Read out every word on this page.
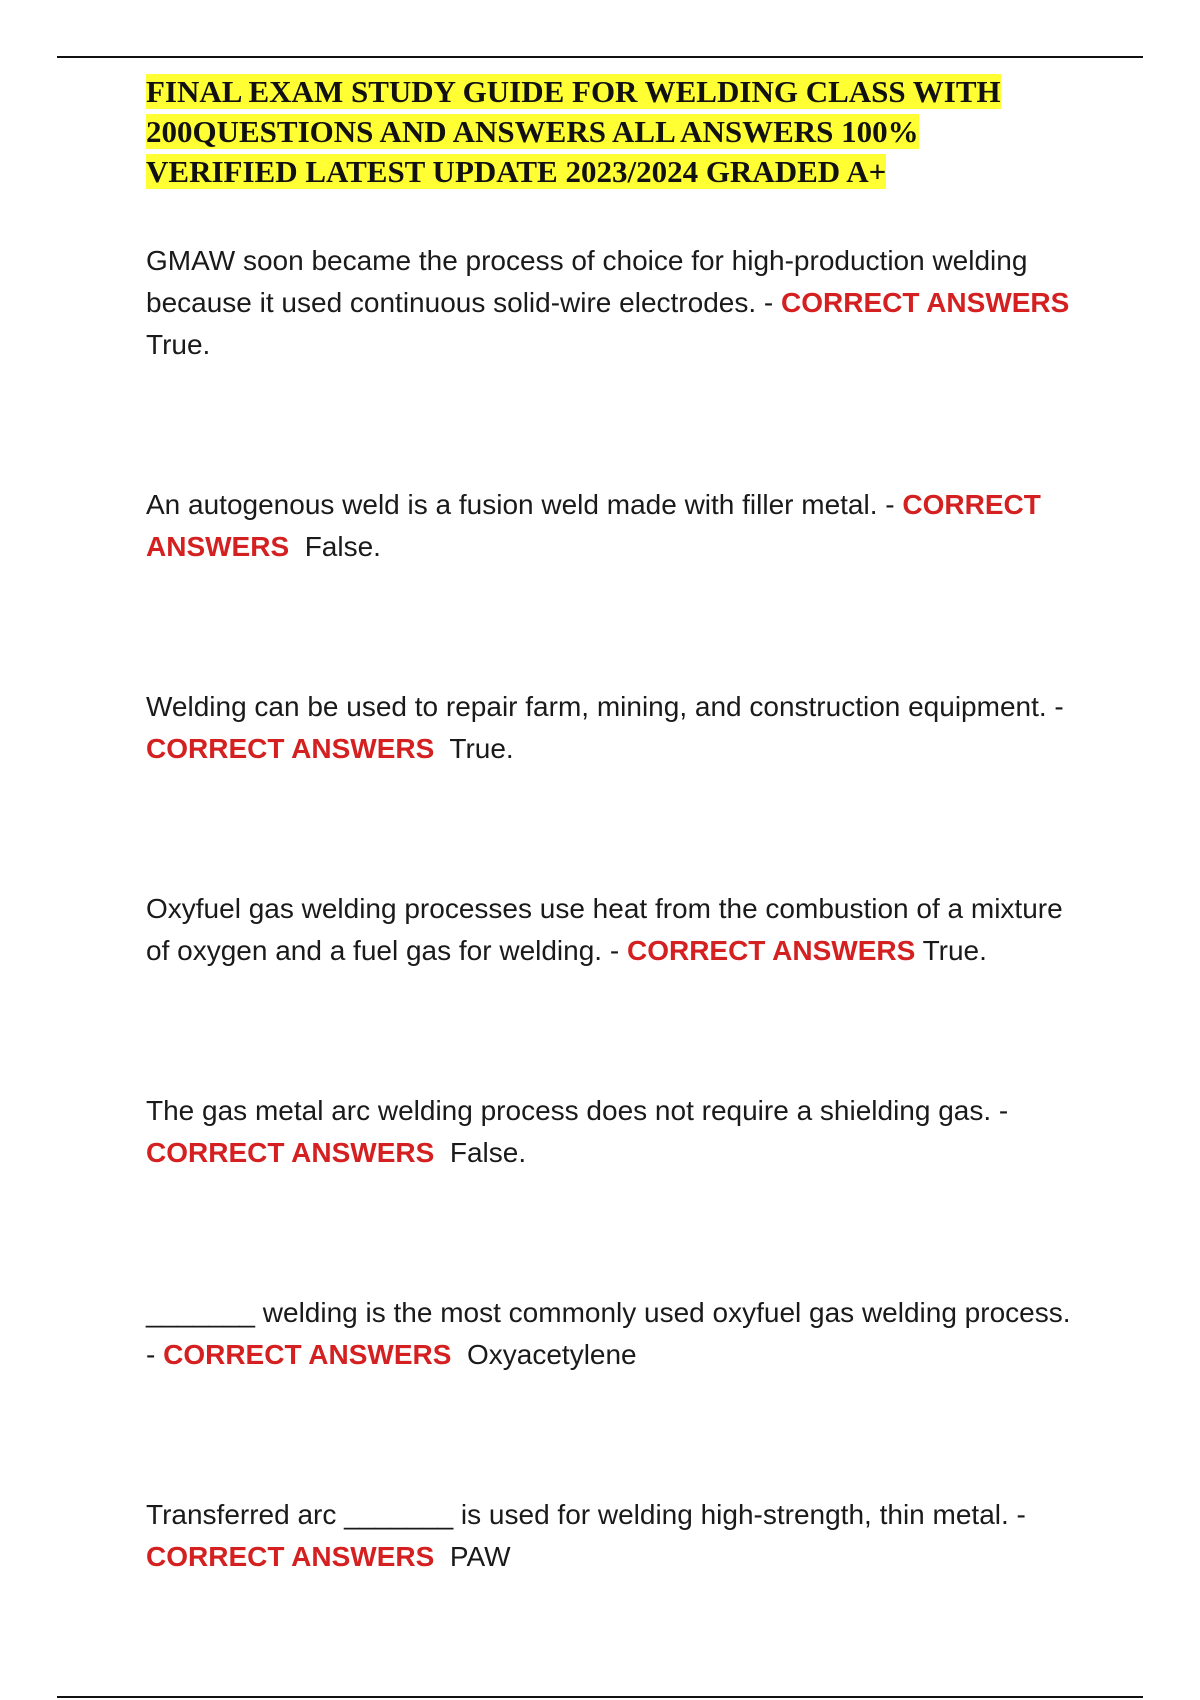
FINAL EXAM STUDY GUIDE FOR WELDING CLASS WITH
200QUESTIONS AND ANSWERS ALL ANSWERS 100%
VERIFIED LATEST UPDATE 2023/2024 GRADED A+

GMAW soon became the process of choice for high-production welding because it used continuous solid-wire electrodes. - CORRECT ANSWERS True.

An autogenous weld is a fusion weld made with filler metal. - CORRECT ANSWERS False.

Welding can be used to repair farm, mining, and construction equipment. - CORRECT ANSWERS True.

Oxyfuel gas welding processes use heat from the combustion of a mixture of oxygen and a fuel gas for welding. - CORRECT ANSWERS True.

The gas metal arc welding process does not require a shielding gas. - CORRECT ANSWERS False.

_______ welding is the most commonly used oxyfuel gas welding process. - CORRECT ANSWERS Oxyacetylene

Transferred arc _______ is used for welding high-strength, thin metal. - CORRECT ANSWERS PAW
